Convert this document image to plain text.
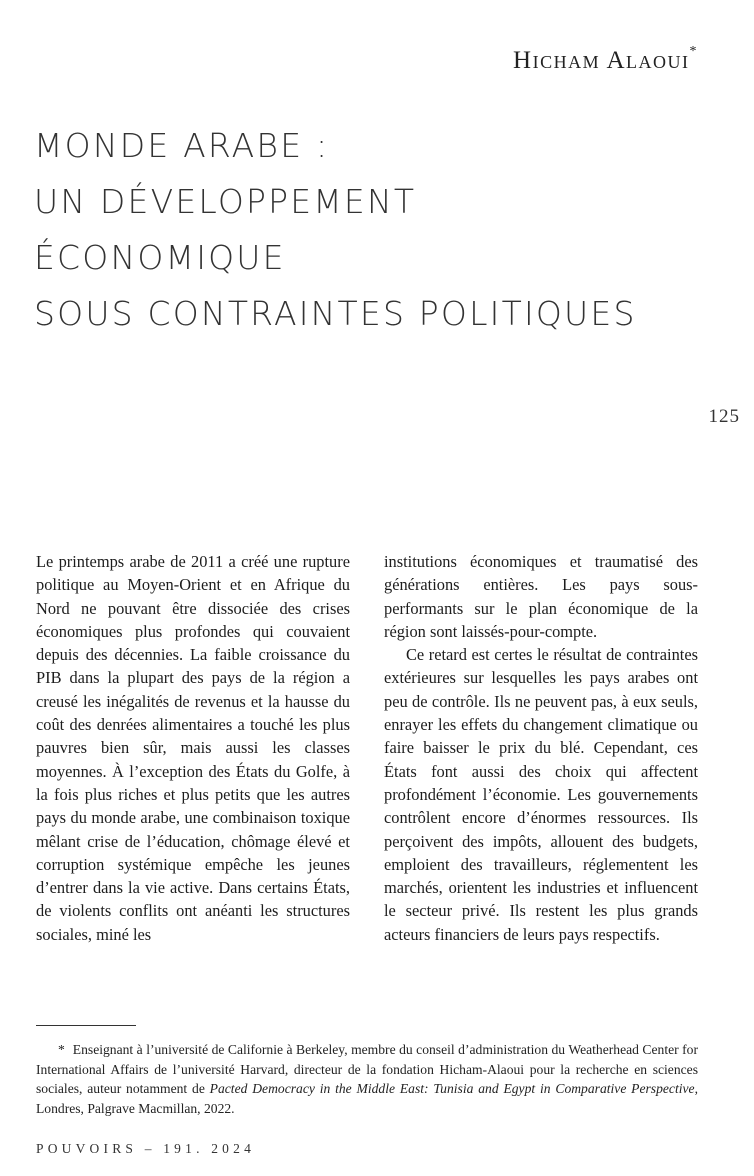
Hicham Alaoui*
MONDE ARABE :
UN DÉVELOPPEMENT
ÉCONOMIQUE
SOUS CONTRAINTES POLITIQUES
125

Le printemps arabe de 2011 a créé une rupture politique au Moyen-Orient et en Afrique du Nord ne pouvant être dissociée des crises économiques plus profondes qui couvaient depuis des décennies. La faible croissance du PIB dans la plupart des pays de la région a creusé les inégalités de revenus et la hausse du coût des denrées alimentaires a touché les plus pauvres bien sûr, mais aussi les classes moyennes. À l’exception des États du Golfe, à la fois plus riches et plus petits que les autres pays du monde arabe, une combinaison toxique mêlant crise de l’éducation, chômage élevé et corruption systémique empêche les jeunes d’entrer dans la vie active. Dans certains États, de violents conflits ont anéanti les structures sociales, miné les

institutions économiques et traumatisé des générations entières. Les pays sous-performants sur le plan économique de la région sont laissés-pour-compte.

Ce retard est certes le résultat de contraintes extérieures sur lesquelles les pays arabes ont peu de contrôle. Ils ne peuvent pas, à eux seuls, enrayer les effets du changement climatique ou faire baisser le prix du blé. Cependant, ces États font aussi des choix qui affectent profondément l’économie. Les gouvernements contrôlent encore d’énormes ressources. Ils perçoivent des impôts, allouent des budgets, emploient des travailleurs, réglementent les marchés, orientent les industries et influencent le secteur privé. Ils restent les plus grands acteurs financiers de leurs pays respectifs.

* Enseignant à l’université de Californie à Berkeley, membre du conseil d’administration du Weatherhead Center for International Affairs de l’université Harvard, directeur de la fondation Hicham-Alaoui pour la recherche en sciences sociales, auteur notamment de Pacted Democracy in the Middle East: Tunisia and Egypt in Comparative Perspective, Londres, Palgrave Macmillan, 2022.
POUVOIRS – 191. 2024
